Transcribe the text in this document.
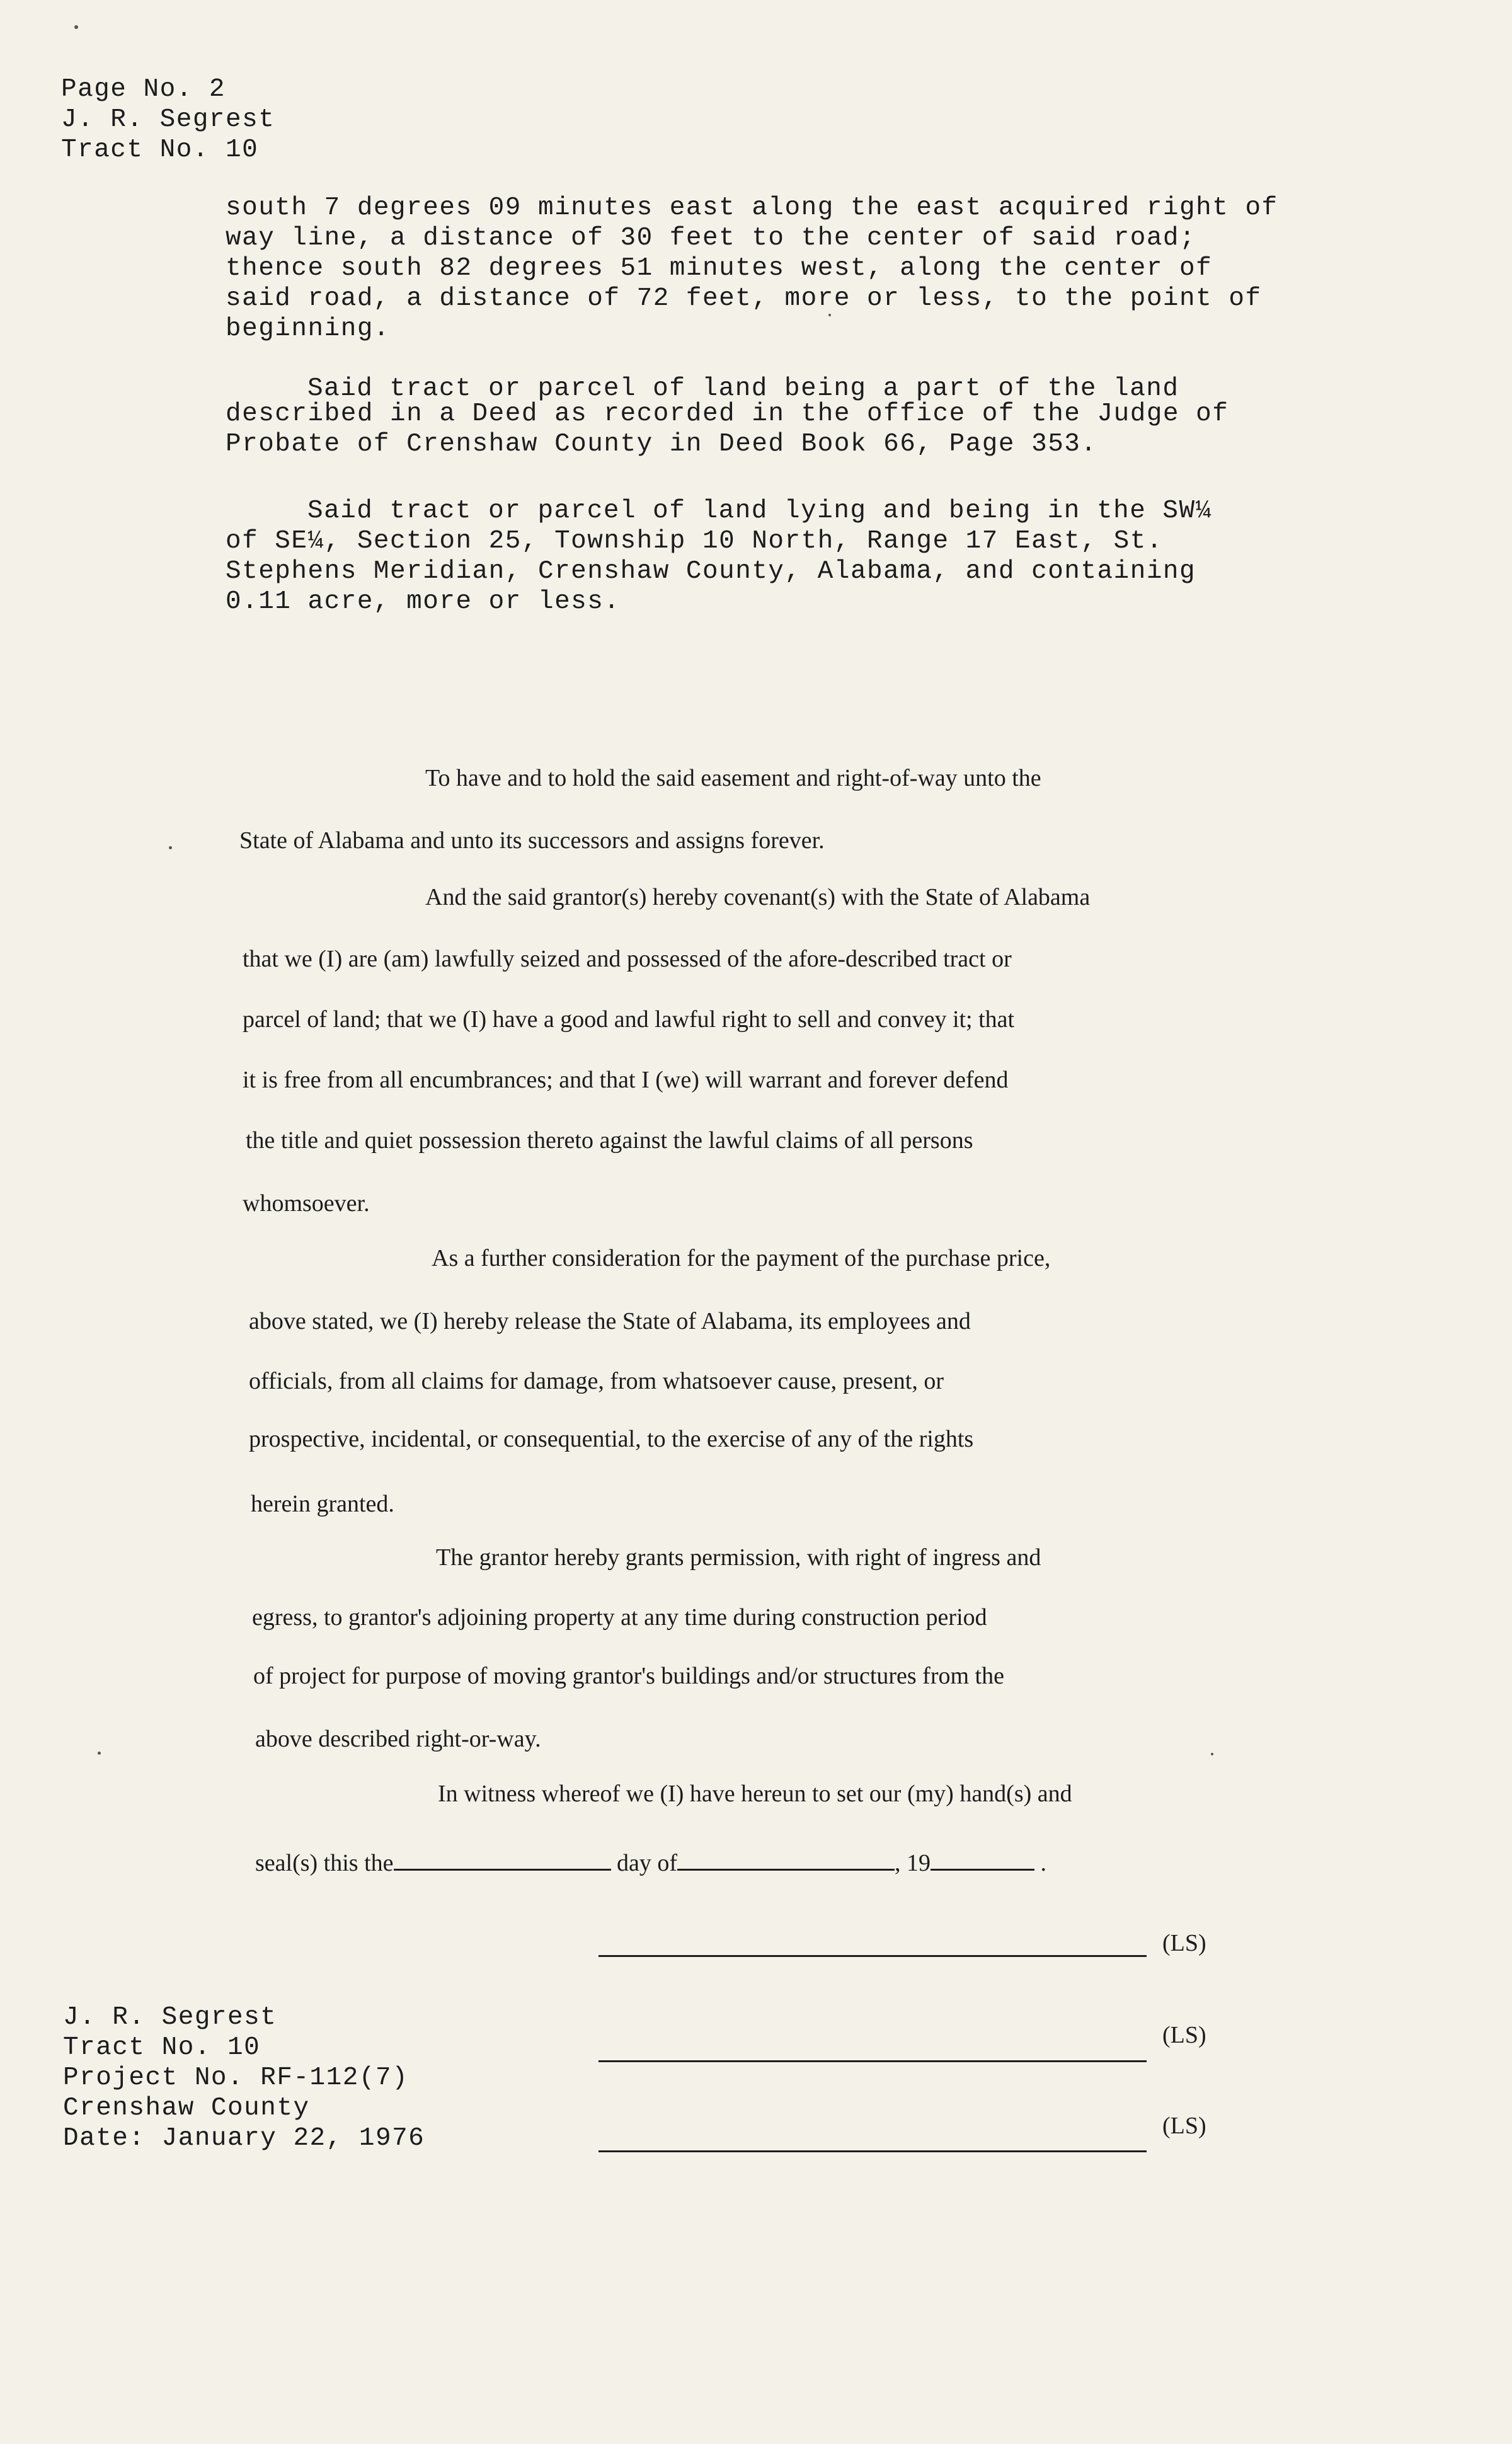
Page No. 2
J. R. Segrest
Tract No. 10
south 7 degrees 09 minutes east along the east acquired right of
way line, a distance of 30 feet to the center of said road;
thence south 82 degrees 51 minutes west, along the center of
said road, a distance of 72 feet, more or less, to the point of
beginning.
Said tract or parcel of land being a part of the land
described in a Deed as recorded in the office of the Judge of
Probate of Crenshaw County in Deed Book 66, Page 353.
Said tract or parcel of land lying and being in the SW¼
of SE¼, Section 25, Township 10 North, Range 17 East, St.
Stephens Meridian, Crenshaw County, Alabama, and containing
0.11 acre, more or less.
To have and to hold the said easement and right-of-way unto the
State of Alabama and unto its successors and assigns forever.
And the said grantor(s) hereby covenant(s) with the State of Alabama
that we (I) are (am) lawfully seized and possessed of the afore-described tract or
parcel of land; that we (I) have a good and lawful right to sell and convey it; that
it is free from all encumbrances; and that I (we) will warrant and forever defend
the title and quiet possession thereto against the lawful claims of all persons
whomsoever.
As a further consideration for the payment of the purchase price,
above stated, we (I) hereby release the State of Alabama, its employees and
officials, from all claims for damage, from whatsoever cause, present, or
prospective, incidental, or consequential, to the exercise of any of the rights
herein granted.
The grantor hereby grants permission, with right of ingress and
egress, to grantor's adjoining property at any time during construction period
of project for purpose of moving grantor's buildings and/or structures from the
above described right-or-way.
In witness whereof we (I) have hereun to set our (my) hand(s) and
seal(s) this the	day of	, 19	.
(LS)
(LS)
(LS)
J. R. Segrest
Tract No. 10
Project No. RF-112(7)
Crenshaw County
Date: January 22, 1976
